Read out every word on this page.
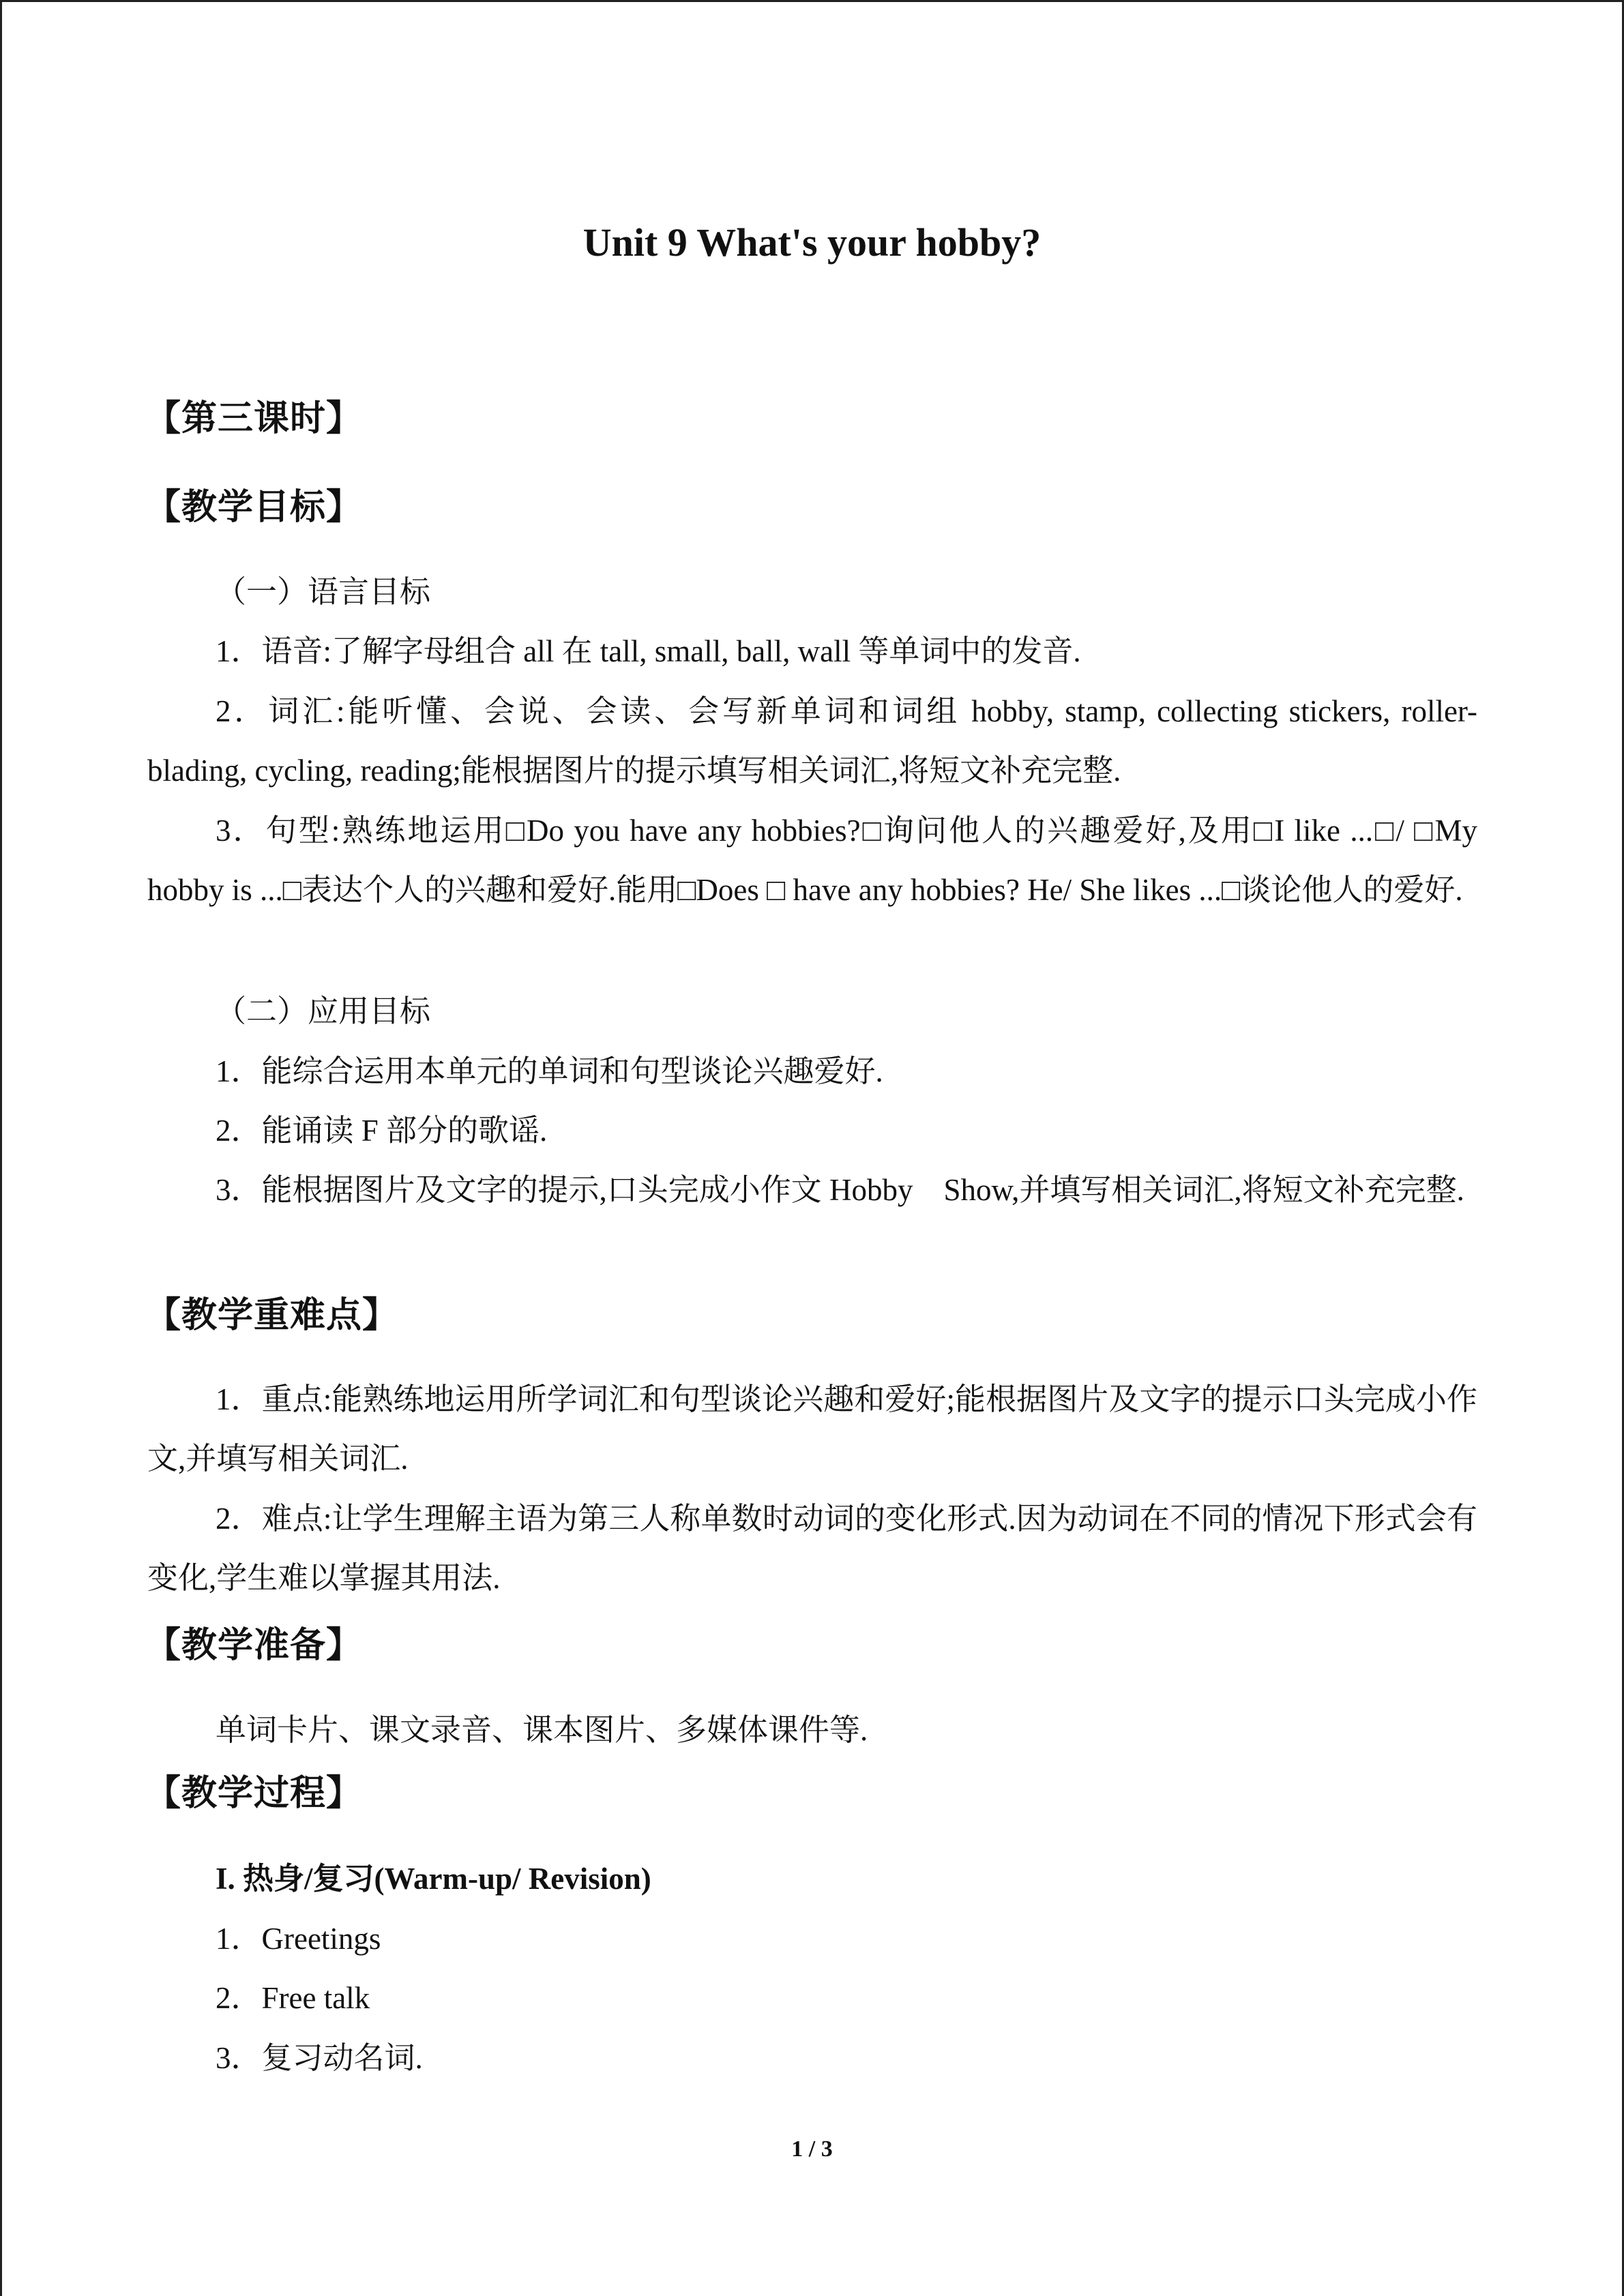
Unit 9 What's your hobby?
【第三课时】
【教学目标】
（一）语言目标
1．语音:了解字母组合 all 在 tall, small, ball, wall 等单词中的发音.
2．词汇:能听懂、会说、会读、会写新单词和词组 hobby, stamp, collecting stickers, roller-blading, cycling, reading;能根据图片的提示填写相关词汇,将短文补充完整.
3．句型:熟练地运用□Do you have any hobbies?□询问他人的兴趣爱好,及用□I like ...□/ □My hobby is ...□表达个人的兴趣和爱好.能用□Does □ have any hobbies? He/ She likes ...□谈论他人的爱好.
（二）应用目标
1．能综合运用本单元的单词和句型谈论兴趣爱好.
2．能诵读 F 部分的歌谣.
3．能根据图片及文字的提示,口头完成小作文 Hobby　Show,并填写相关词汇,将短文补充完整.
【教学重难点】
1．重点:能熟练地运用所学词汇和句型谈论兴趣和爱好;能根据图片及文字的提示口头完成小作文,并填写相关词汇.
2．难点:让学生理解主语为第三人称单数时动词的变化形式.因为动词在不同的情况下形式会有变化,学生难以掌握其用法.
【教学准备】
单词卡片、课文录音、课本图片、多媒体课件等.
【教学过程】
I. 热身/复习(Warm-up/ Revision)
1．Greetings
2．Free talk
3．复习动名词.
1 / 3
